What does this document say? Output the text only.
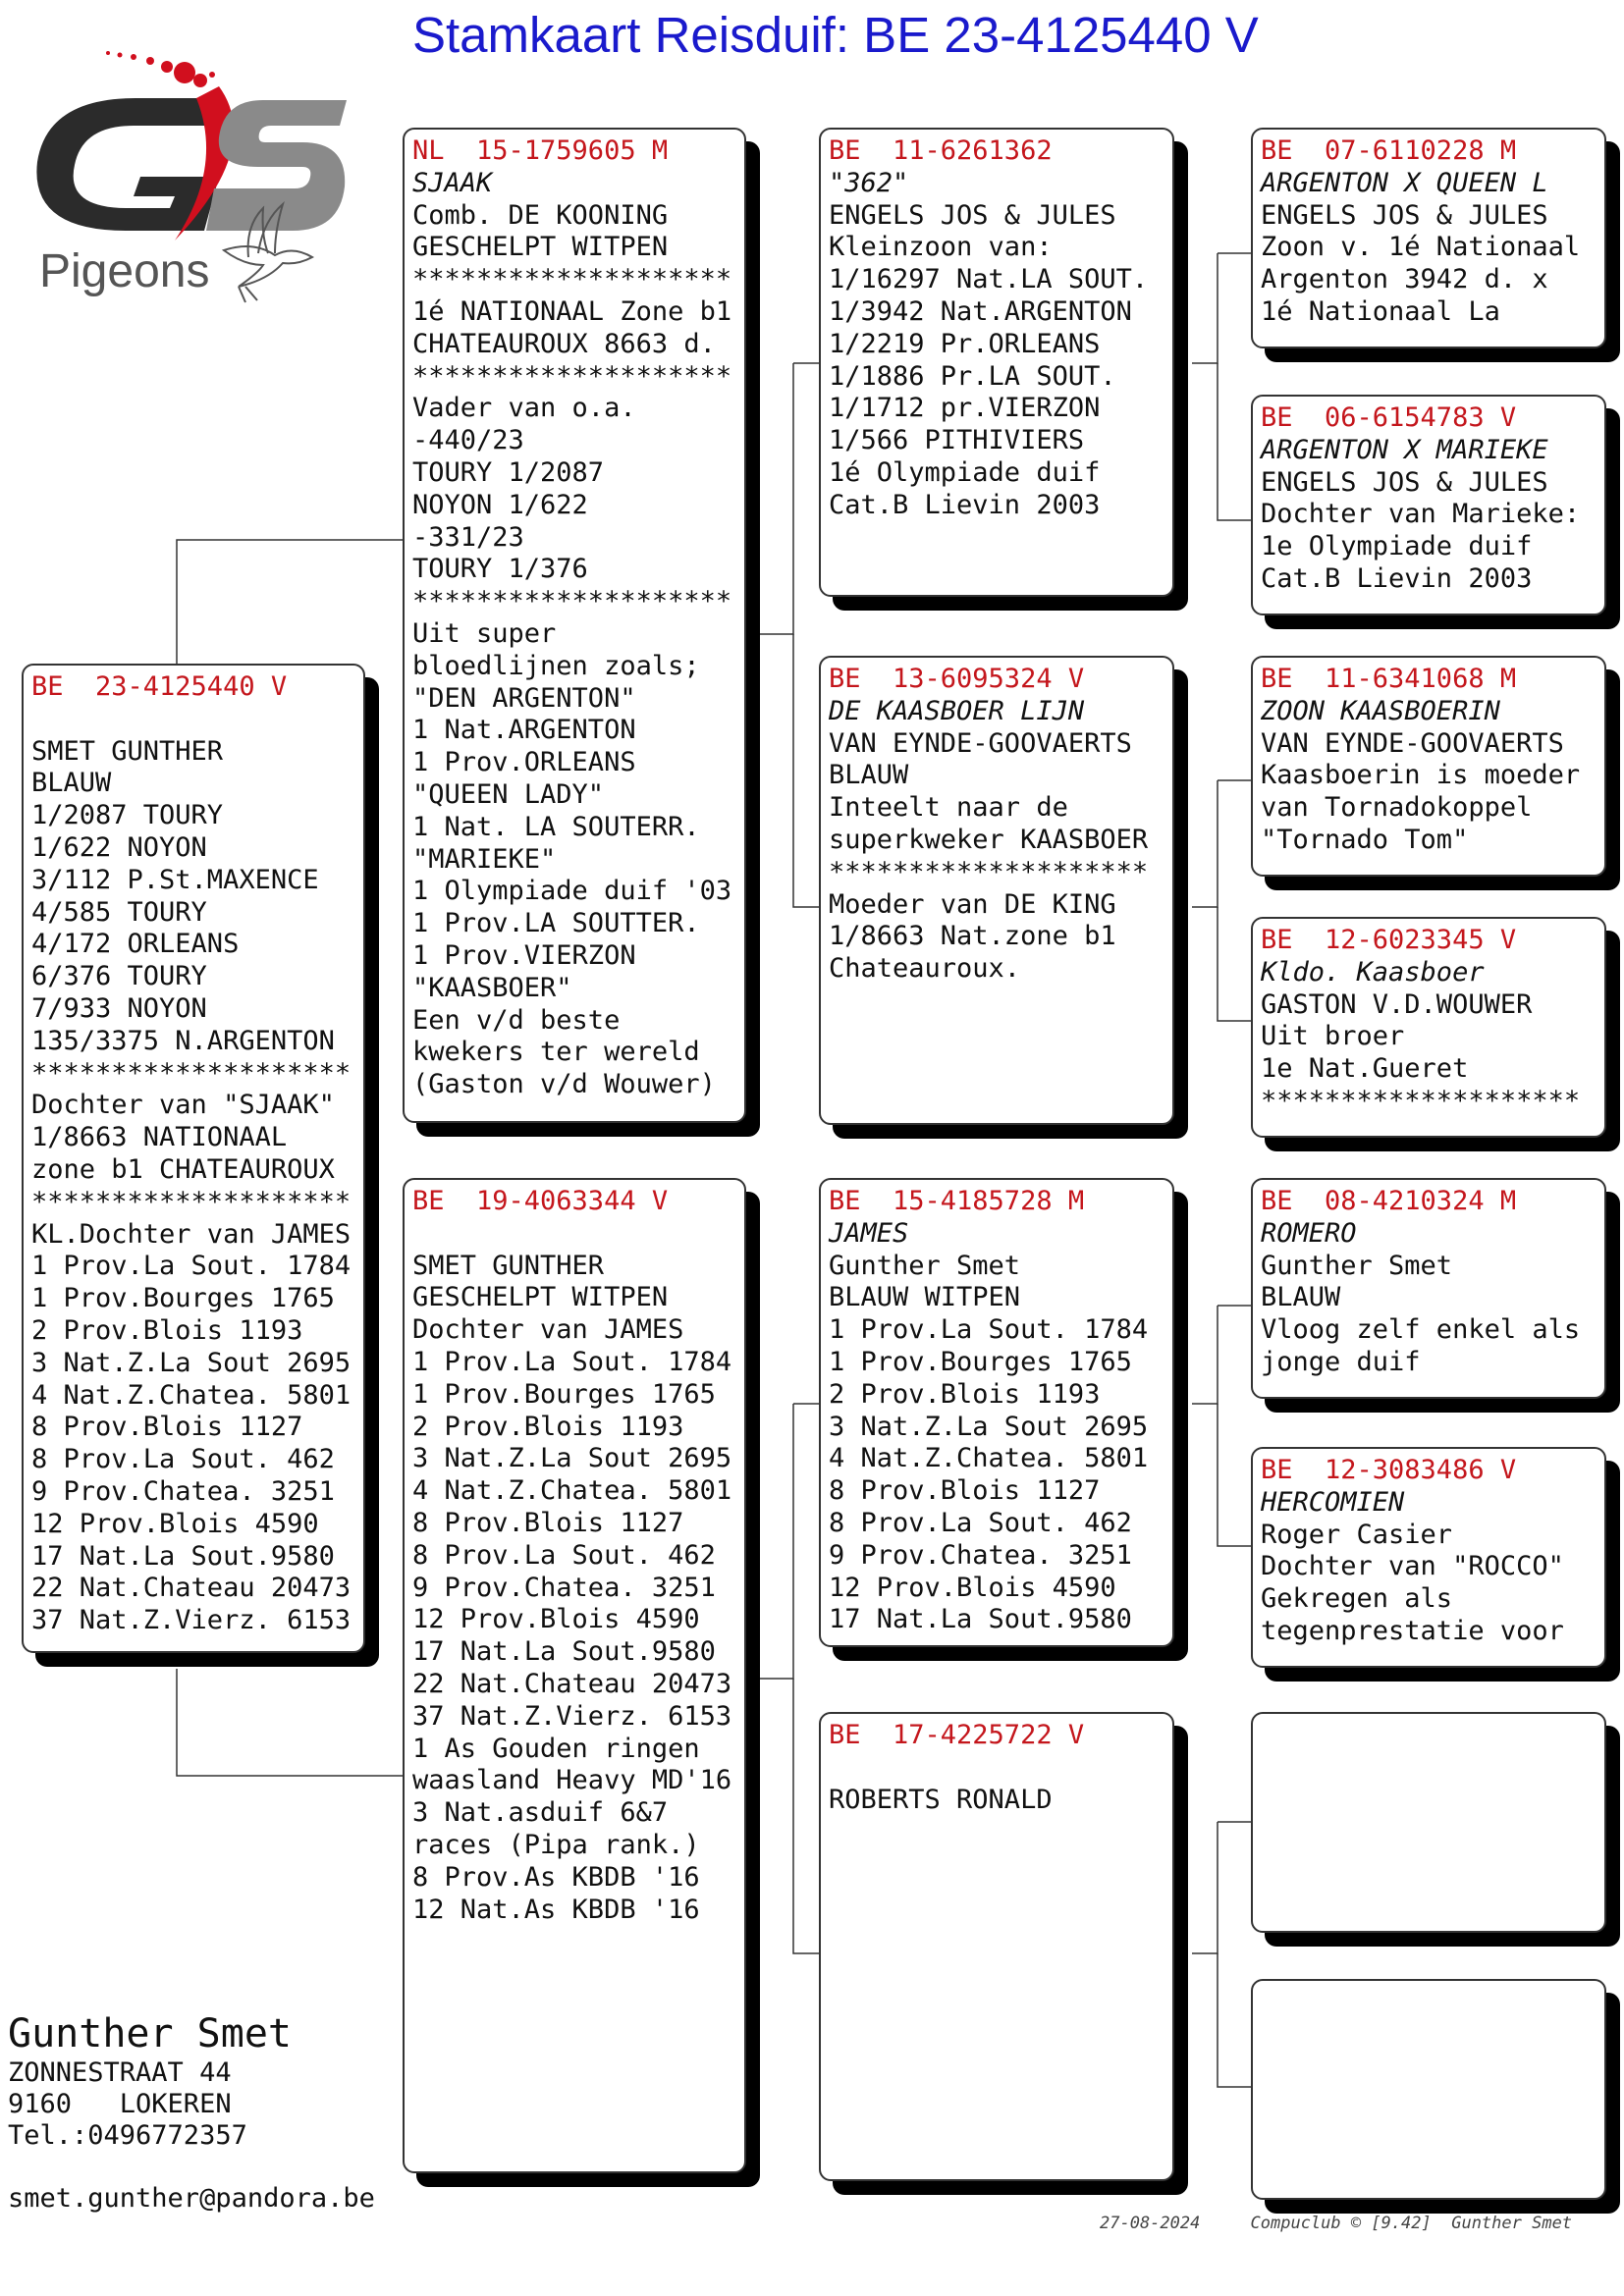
Stamkaart Reisduif: BE 23-4125440 V
Pigeons
BE  23-4125440 V

SMET GUNTHER
BLAUW
1/2087 TOURY
1/622 NOYON
3/112 P.St.MAXENCE
4/585 TOURY
4/172 ORLEANS
6/376 TOURY
7/933 NOYON
135/3375 N.ARGENTON
********************
Dochter van "SJAAK"
1/8663 NATIONAAL
zone b1 CHATEAUROUX
********************
KL.Dochter van JAMES
1 Prov.La Sout. 1784
1 Prov.Bourges 1765
2 Prov.Blois 1193
3 Nat.Z.La Sout 2695
4 Nat.Z.Chatea. 5801
8 Prov.Blois 1127
8 Prov.La Sout. 462
9 Prov.Chatea. 3251
12 Prov.Blois 4590
17 Nat.La Sout.9580
22 Nat.Chateau 20473
37 Nat.Z.Vierz. 6153
NL  15-1759605 M
SJAAK
Comb. DE KOONING
GESCHELPT WITPEN
********************
1é NATIONAAL Zone b1
CHATEAUROUX 8663 d.
********************
Vader van o.a.
-440/23
TOURY 1/2087
NOYON 1/622
-331/23
TOURY 1/376
********************
Uit super
bloedlijnen zoals;
"DEN ARGENTON"
1 Nat.ARGENTON
1 Prov.ORLEANS
"QUEEN LADY"
1 Nat. LA SOUTERR.
"MARIEKE"
1 Olympiade duif '03
1 Prov.LA SOUTTER.
1 Prov.VIERZON
"KAASBOER"
Een v/d beste
kwekers ter wereld
(Gaston v/d Wouwer)
BE  19-4063344 V

SMET GUNTHER
GESCHELPT WITPEN
Dochter van JAMES
1 Prov.La Sout. 1784
1 Prov.Bourges 1765
2 Prov.Blois 1193
3 Nat.Z.La Sout 2695
4 Nat.Z.Chatea. 5801
8 Prov.Blois 1127
8 Prov.La Sout. 462
9 Prov.Chatea. 3251
12 Prov.Blois 4590
17 Nat.La Sout.9580
22 Nat.Chateau 20473
37 Nat.Z.Vierz. 6153
1 As Gouden ringen
waasland Heavy MD'16
3 Nat.asduif 6&7
races (Pipa rank.)
8 Prov.As KBDB '16
12 Nat.As KBDB '16
BE  11-6261362
"362"
ENGELS JOS & JULES
Kleinzoon van:
1/16297 Nat.LA SOUT.
1/3942 Nat.ARGENTON
1/2219 Pr.ORLEANS
1/1886 Pr.LA SOUT.
1/1712 pr.VIERZON
1/566 PITHIVIERS
1é Olympiade duif
Cat.B Lievin 2003
BE  13-6095324 V
DE KAASBOER LIJN
VAN EYNDE-GOOVAERTS
BLAUW
Inteelt naar de
superkweker KAASBOER
********************
Moeder van DE KING
1/8663 Nat.zone b1
Chateauroux.
BE  15-4185728 M
JAMES
Gunther Smet
BLAUW WITPEN
1 Prov.La Sout. 1784
1 Prov.Bourges 1765
2 Prov.Blois 1193
3 Nat.Z.La Sout 2695
4 Nat.Z.Chatea. 5801
8 Prov.Blois 1127
8 Prov.La Sout. 462
9 Prov.Chatea. 3251
12 Prov.Blois 4590
17 Nat.La Sout.9580
BE  17-4225722 V

ROBERTS RONALD
BE  07-6110228 M
ARGENTON X QUEEN L
ENGELS JOS & JULES
Zoon v. 1é Nationaal
Argenton 3942 d. x
1é Nationaal La
BE  06-6154783 V
ARGENTON X MARIEKE
ENGELS JOS & JULES
Dochter van Marieke:
1e Olympiade duif
Cat.B Lievin 2003
BE  11-6341068 M
ZOON KAASBOERIN
VAN EYNDE-GOOVAERTS
Kaasboerin is moeder
van Tornadokoppel
"Tornado Tom"
BE  12-6023345 V
Kldo. Kaasboer
GASTON V.D.WOUWER
Uit broer
1e Nat.Gueret
********************
BE  08-4210324 M
ROMERO
Gunther Smet
BLAUW
Vloog zelf enkel als
jonge duif
BE  12-3083486 V
HERCOMIEN
Roger Casier
Dochter van "ROCCO"
Gekregen als
tegenprestatie voor
Gunther Smet
ZONNESTRAAT 44
9160   LOKEREN
Tel.:0496772357
smet.gunther@pandora.be
27-08-2024     Compuclub © [9.42]  Gunther Smet
